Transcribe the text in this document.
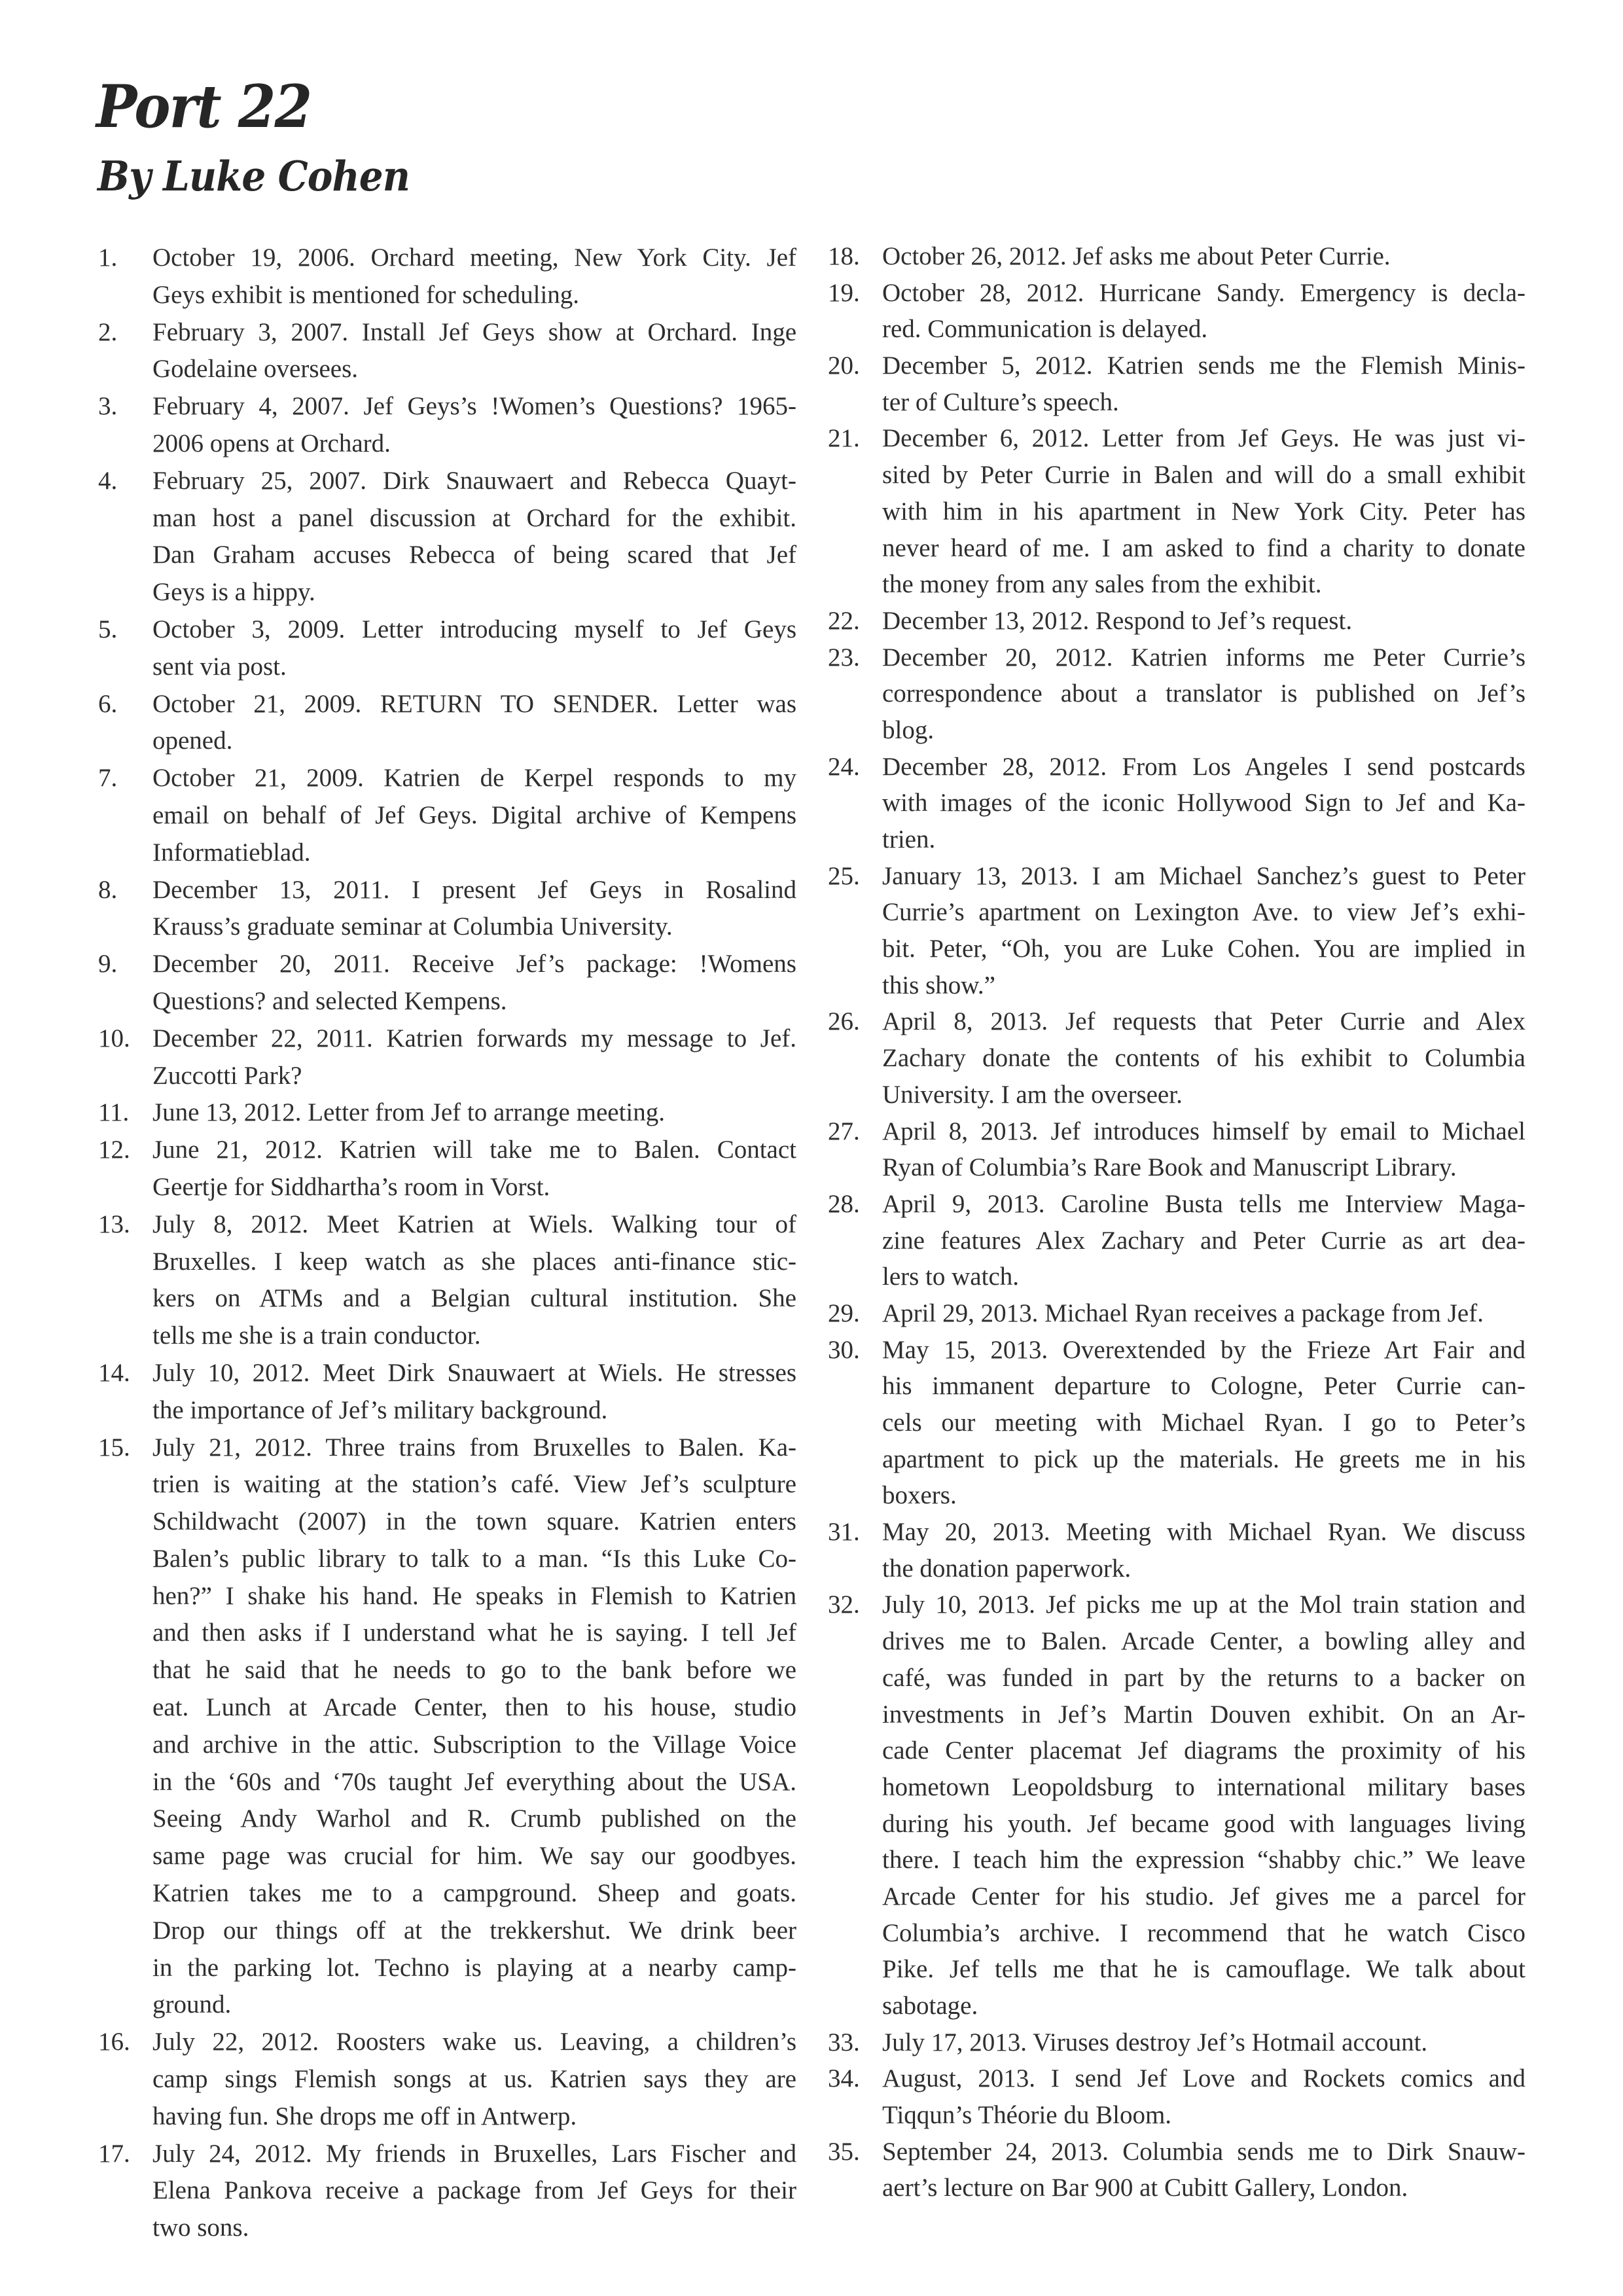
Port 22
By Luke Cohen
1. October 19, 2006. Orchard meeting, New York City. Jef
Geys exhibit is mentioned for scheduling.
2. February 3, 2007. Install Jef Geys show at Orchard. Inge
Godelaine oversees.
3. February 4, 2007. Jef Geys’s !Women’s Questions? 1965-
2006 opens at Orchard.
4. February 25, 2007. Dirk Snauwaert and Rebecca Quayt-
man host a panel discussion at Orchard for the exhibit.
Dan Graham accuses Rebecca of being scared that Jef
Geys is a hippy.
5. October 3, 2009. Letter introducing myself to Jef Geys
sent via post.
6. October 21, 2009. RETURN TO SENDER. Letter was
opened.
7. October 21, 2009. Katrien de Kerpel responds to my
email on behalf of Jef Geys. Digital archive of Kempens
Informatieblad.
8. December 13, 2011. I present Jef Geys in Rosalind
Krauss’s graduate seminar at Columbia University.
9. December 20, 2011. Receive Jef’s package: !Womens
Questions? and selected Kempens.
10. December 22, 2011. Katrien forwards my message to Jef.
Zuccotti Park?
11. June 13, 2012. Letter from Jef to arrange meeting.
12. June 21, 2012. Katrien will take me to Balen. Contact
Geertje for Siddhartha’s room in Vorst.
13. July 8, 2012. Meet Katrien at Wiels. Walking tour of
Bruxelles. I keep watch as she places anti-finance stic-
kers on ATMs and a Belgian cultural institution. She
tells me she is a train conductor.
14. July 10, 2012. Meet Dirk Snauwaert at Wiels. He stresses
the importance of Jef’s military background.
15. July 21, 2012. Three trains from Bruxelles to Balen. Ka-
trien is waiting at the station’s café. View Jef’s sculpture
Schildwacht (2007) in the town square. Katrien enters
Balen’s public library to talk to a man. “Is this Luke Co-
hen?” I shake his hand. He speaks in Flemish to Katrien
and then asks if I understand what he is saying. I tell Jef
that he said that he needs to go to the bank before we
eat. Lunch at Arcade Center, then to his house, studio
and archive in the attic. Subscription to the Village Voice
in the ‘60s and ‘70s taught Jef everything about the USA.
Seeing Andy Warhol and R. Crumb published on the
same page was crucial for him. We say our goodbyes.
Katrien takes me to a campground. Sheep and goats.
Drop our things off at the trekkershut. We drink beer
in the parking lot. Techno is playing at a nearby camp-
ground.
16. July 22, 2012. Roosters wake us. Leaving, a children’s
camp sings Flemish songs at us. Katrien says they are
having fun. She drops me off in Antwerp.
17. July 24, 2012. My friends in Bruxelles, Lars Fischer and
Elena Pankova receive a package from Jef Geys for their
two sons.
18. October 26, 2012. Jef asks me about Peter Currie.
19. October 28, 2012. Hurricane Sandy. Emergency is decla-
red. Communication is delayed.
20. December 5, 2012. Katrien sends me the Flemish Minis-
ter of Culture’s speech.
21. December 6, 2012. Letter from Jef Geys. He was just vi-
sited by Peter Currie in Balen and will do a small exhibit
with him in his apartment in New York City. Peter has
never heard of me. I am asked to find a charity to donate
the money from any sales from the exhibit.
22. December 13, 2012. Respond to Jef’s request.
23. December 20, 2012. Katrien informs me Peter Currie’s
correspondence about a translator is published on Jef’s
blog.
24. December 28, 2012. From Los Angeles I send postcards
with images of the iconic Hollywood Sign to Jef and Ka-
trien.
25. January 13, 2013. I am Michael Sanchez’s guest to Peter
Currie’s apartment on Lexington Ave. to view Jef’s exhi-
bit. Peter, “Oh, you are Luke Cohen. You are implied in
this show.”
26. April 8, 2013. Jef requests that Peter Currie and Alex
Zachary donate the contents of his exhibit to Columbia
University. I am the overseer.
27. April 8, 2013. Jef introduces himself by email to Michael
Ryan of Columbia’s Rare Book and Manuscript Library.
28. April 9, 2013. Caroline Busta tells me Interview Maga-
zine features Alex Zachary and Peter Currie as art dea-
lers to watch.
29. April 29, 2013. Michael Ryan receives a package from Jef.
30. May 15, 2013. Overextended by the Frieze Art Fair and
his immanent departure to Cologne, Peter Currie can-
cels our meeting with Michael Ryan. I go to Peter’s
apartment to pick up the materials. He greets me in his
boxers.
31. May 20, 2013. Meeting with Michael Ryan. We discuss
the donation paperwork.
32. July 10, 2013. Jef picks me up at the Mol train station and
drives me to Balen. Arcade Center, a bowling alley and
café, was funded in part by the returns to a backer on
investments in Jef’s Martin Douven exhibit. On an Ar-
cade Center placemat Jef diagrams the proximity of his
hometown Leopoldsburg to international military bases
during his youth. Jef became good with languages living
there. I teach him the expression “shabby chic.” We leave
Arcade Center for his studio. Jef gives me a parcel for
Columbia’s archive. I recommend that he watch Cisco
Pike. Jef tells me that he is camouflage. We talk about
sabotage.
33. July 17, 2013. Viruses destroy Jef’s Hotmail account.
34. August, 2013. I send Jef Love and Rockets comics and
Tiqqun’s Théorie du Bloom.
35. September 24, 2013. Columbia sends me to Dirk Snauw-
aert’s lecture on Bar 900 at Cubitt Gallery, London.
